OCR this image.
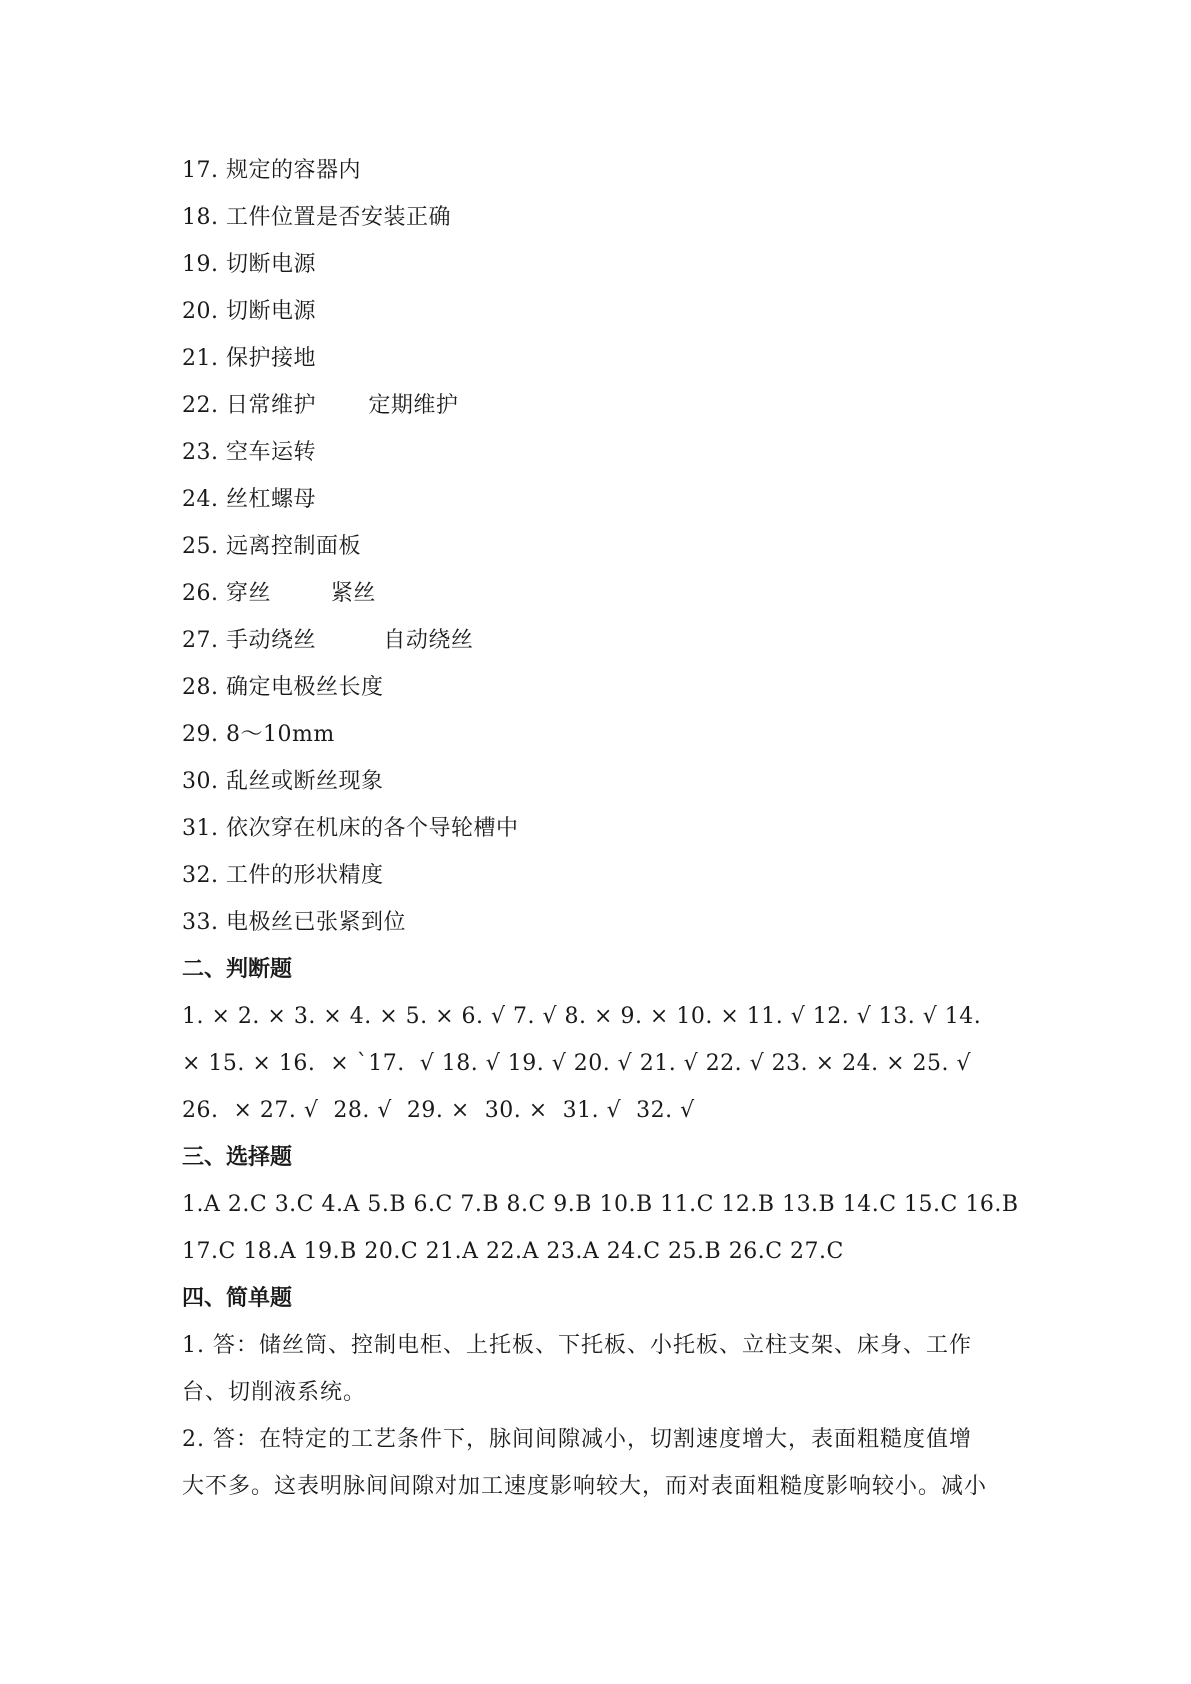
17. 规定的容器内
18. 工件位置是否安装正确
19. 切断电源
20. 切断电源
21. 保护接地
22. 日常维护       定期维护
23. 空车运转
24. 丝杠螺母
25. 远离控制面板
26. 穿丝        紧丝
27. 手动绕丝         自动绕丝
28. 确定电极丝长度
29. 8～10mm
30. 乱丝或断丝现象
31. 依次穿在机床的各个导轮槽中
32. 工件的形状精度
33. 电极丝已张紧到位
二、判断题
1. × 2. × 3. × 4. × 5. × 6. √ 7. √ 8. × 9. × 10. × 11. √ 12. √ 13. √ 14.
× 15. × 16.  × `17.  √ 18. √ 19. √ 20. √ 21. √ 22. √ 23. × 24. × 25. √
26.  × 27. √  28. √  29. ×  30. ×  31. √  32. √
三、选择题
1.A 2.C 3.C 4.A 5.B 6.C 7.B 8.C 9.B 10.B 11.C 12.B 13.B 14.C 15.C 16.B
17.C 18.A 19.B 20.C 21.A 22.A 23.A 24.C 25.B 26.C 27.C
四、简单题
1. 答：储丝筒、控制电柜、上托板、下托板、小托板、立柱支架、床身、工作
台、切削液系统。
2. 答：在特定的工艺条件下，脉间间隙减小，切割速度增大，表面粗糙度值增
大不多。这表明脉间间隙对加工速度影响较大，而对表面粗糙度影响较小。减小
